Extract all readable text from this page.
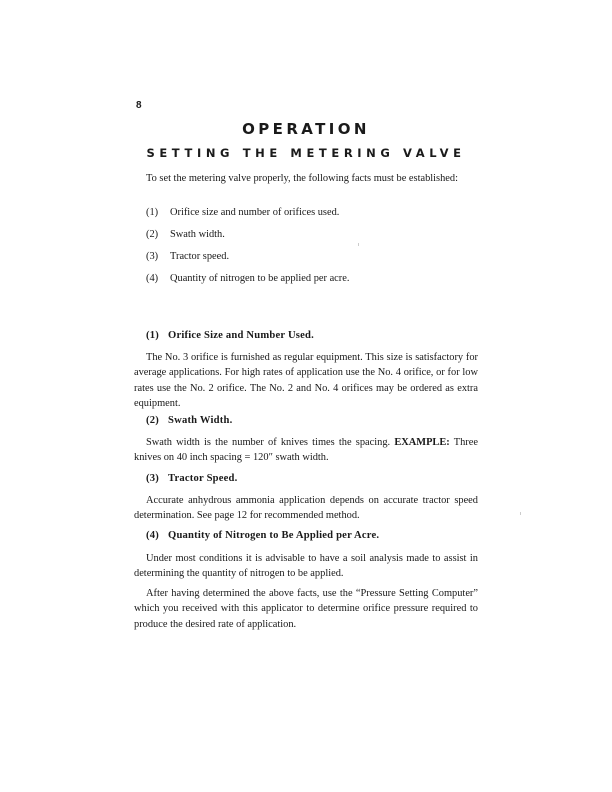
8
OPERATION
SETTING THE METERING VALVE

To set the metering valve properly, the following facts must be established:

(1) Orifice size and number of orifices used.
(2) Swath width.
(3) Tractor speed.
(4) Quantity of nitrogen to be applied per acre.
(1) Orifice Size and Number Used.

The No. 3 orifice is furnished as regular equipment. This size is satisfactory for average applications. For high rates of application use the No. 4 orifice, or for low rates use the No. 2 orifice. The No. 2 and No. 4 orifices may be ordered as extra equipment.

(2) Swath Width.

Swath width is the number of knives times the spacing. EXAMPLE: Three knives on 40 inch spacing = 120″ swath width.

(3) Tractor Speed.

Accurate anhydrous ammonia application depends on accurate tractor speed determination. See page 12 for recommended method.

(4) Quantity of Nitrogen to Be Applied per Acre.

Under most conditions it is advisable to have a soil analysis made to assist in determining the quantity of nitrogen to be applied.

After having determined the above facts, use the “Pressure Setting Computer” which you received with this applicator to determine orifice pressure required to produce the desired rate of application.
